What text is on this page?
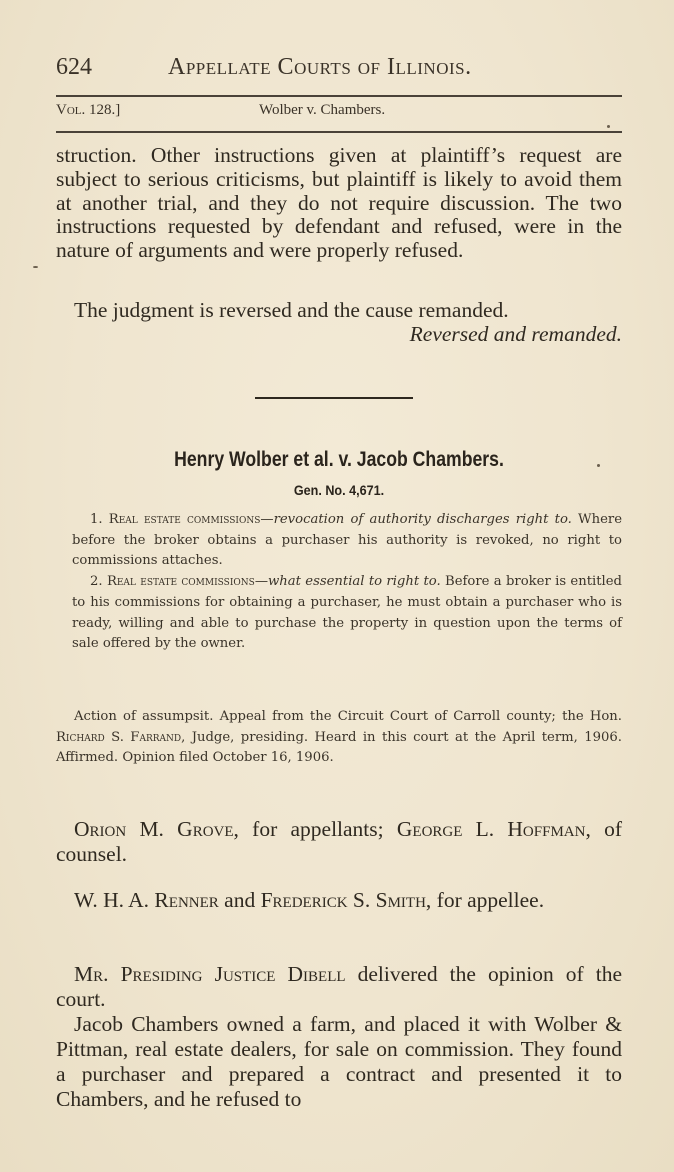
624	Appellate Courts of Illinois.
Vol. 128.]	Wolber v. Chambers.

struction. Other instructions given at plaintiff’s request are subject to serious criticisms, but plaintiff is likely to avoid them at another trial, and they do not require discussion. The two instructions requested by defendant and refused, were in the nature of arguments and were properly refused.

The judgment is reversed and the cause remanded.

Reversed and remanded.
Henry Wolber et al. v. Jacob Chambers.
Gen. No. 4,671.

1. Real estate commissions—revocation of authority discharges right to. Where before the broker obtains a purchaser his authority is revoked, no right to commissions attaches.

2. Real estate commissions—what essential to right to. Before a broker is entitled to his commissions for obtaining a purchaser, he must obtain a purchaser who is ready, willing and able to purchase the property in question upon the terms of sale offered by the owner.

Action of assumpsit. Appeal from the Circuit Court of Carroll county; the Hon. Richard S. Farrand, Judge, presiding. Heard in this court at the April term, 1906. Affirmed. Opinion filed October 16, 1906.

Orion M. Grove, for appellants; George L. Hoffman, of counsel.

W. H. A. Renner and Frederick S. Smith, for appellee.

Mr. Presiding Justice Dibell delivered the opinion of the court.

Jacob Chambers owned a farm, and placed it with Wolber & Pittman, real estate dealers, for sale on commission. They found a purchaser and prepared a contract and presented it to Chambers, and he refused to
